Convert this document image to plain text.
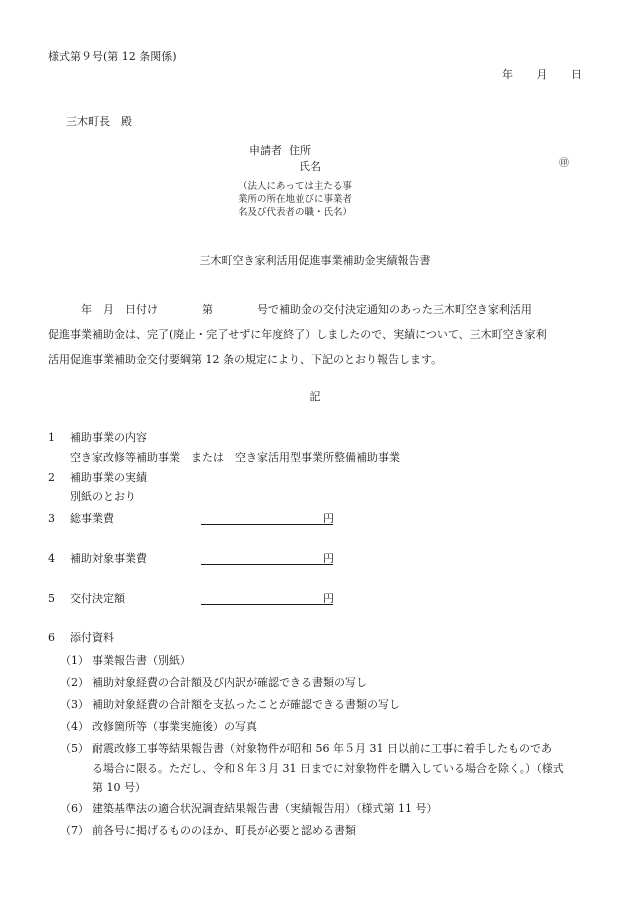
様式第９号(第 12 条関係)
年 月 日
三木町長　殿
申請者 住所
氏名	㊞
（法人にあっては主たる事業所の所在地並びに事業者名及び代表者の職・氏名）
三木町空き家利活用促進事業補助金実績報告書
年　月　日付け　　　　第　　　　号で補助金の交付決定通知のあった三木町空き家利活用
促進事業補助金は、完了(廃止・完了せずに年度終了）しましたので、実績について、三木町空き家利
活用促進事業補助金交付要綱第 12 条の規定により、下記のとおり報告します。
記
1 補助事業の内容
空き家改修等補助事業　または　空き家活用型事業所整備補助事業
2 補助事業の実績
別紙のとおり
3 総事業費	円
4 補助対象事業費	円
5 交付決定額	円
6 添付資料
（1） 事業報告書（別紙）
（2） 補助対象経費の合計額及び内訳が確認できる書類の写し
（3） 補助対象経費の合計額を支払ったことが確認できる書類の写し
（4） 改修箇所等（事業実施後）の写真
（5） 耐震改修工事等結果報告書（対象物件が昭和 56 年５月 31 日以前に工事に着手したものであ
る場合に限る。ただし、令和８年３月 31 日までに対象物件を購入している場合を除く。）（様式
第 10 号）
（6） 建築基準法の適合状況調査結果報告書（実績報告用）（様式第 11 号）
（7） 前各号に掲げるもののほか、町長が必要と認める書類
